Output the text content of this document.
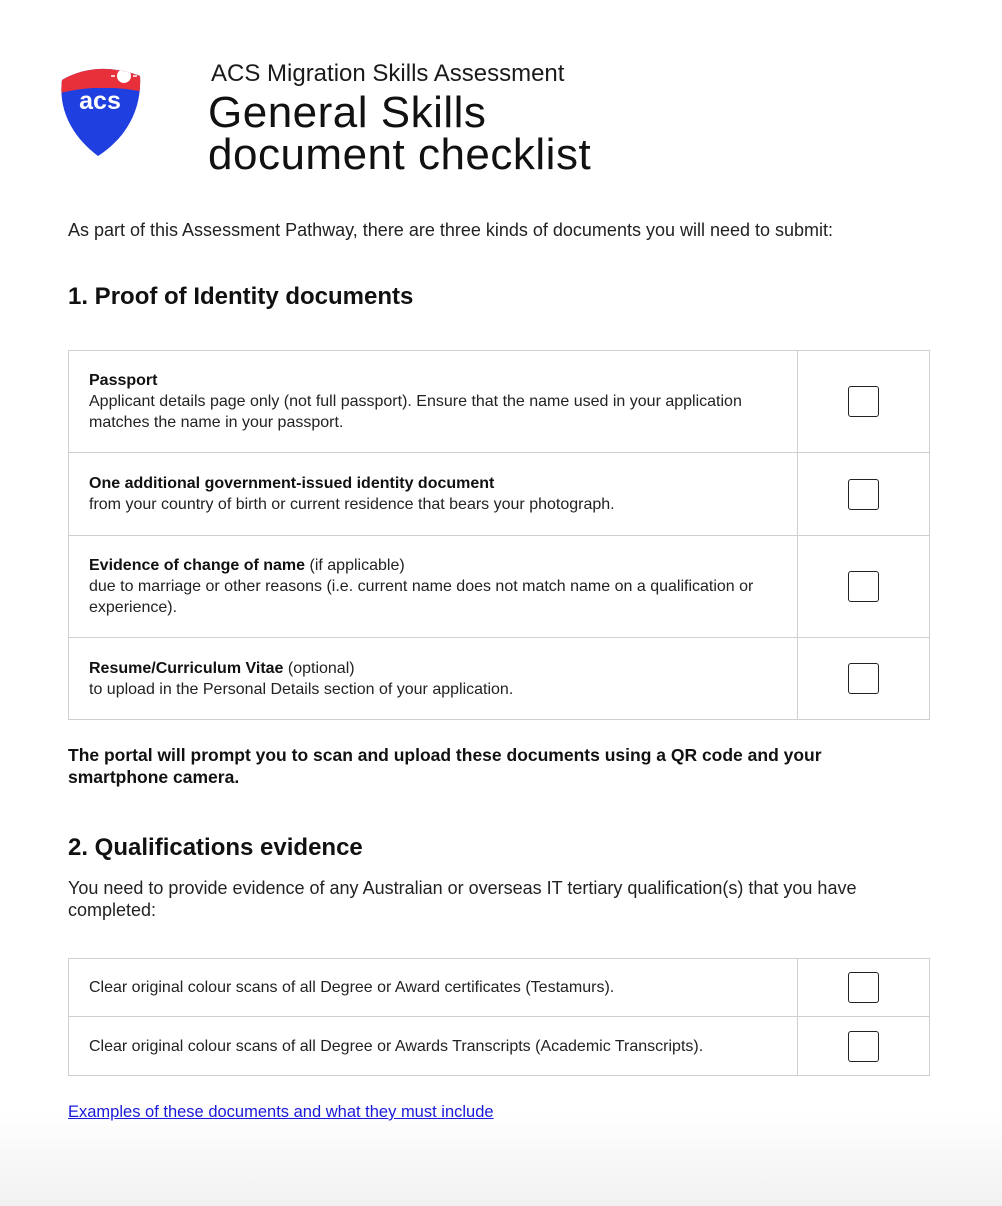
acs
ACS Migration Skills Assessment
General Skills
document checklist
As part of this Assessment Pathway, there are three kinds of documents you will need to submit:
1. Proof of Identity documents
Passport
Applicant details page only (not full passport). Ensure that the name used in your application matches the name in your passport.
One additional government-issued identity document
from your country of birth or current residence that bears your photograph.
Evidence of change of name (if applicable)
due to marriage or other reasons (i.e. current name does not match name on a qualification or experience).
Resume/Curriculum Vitae (optional)
to upload in the Personal Details section of your application.
The portal will prompt you to scan and upload these documents using a QR code and your smartphone camera.
2. Qualifications evidence
You need to provide evidence of any Australian or overseas IT tertiary qualification(s) that you have completed:
Clear original colour scans of all Degree or Award certificates (Testamurs).
Clear original colour scans of all Degree or Awards Transcripts (Academic Transcripts).
Examples of these documents and what they must include
